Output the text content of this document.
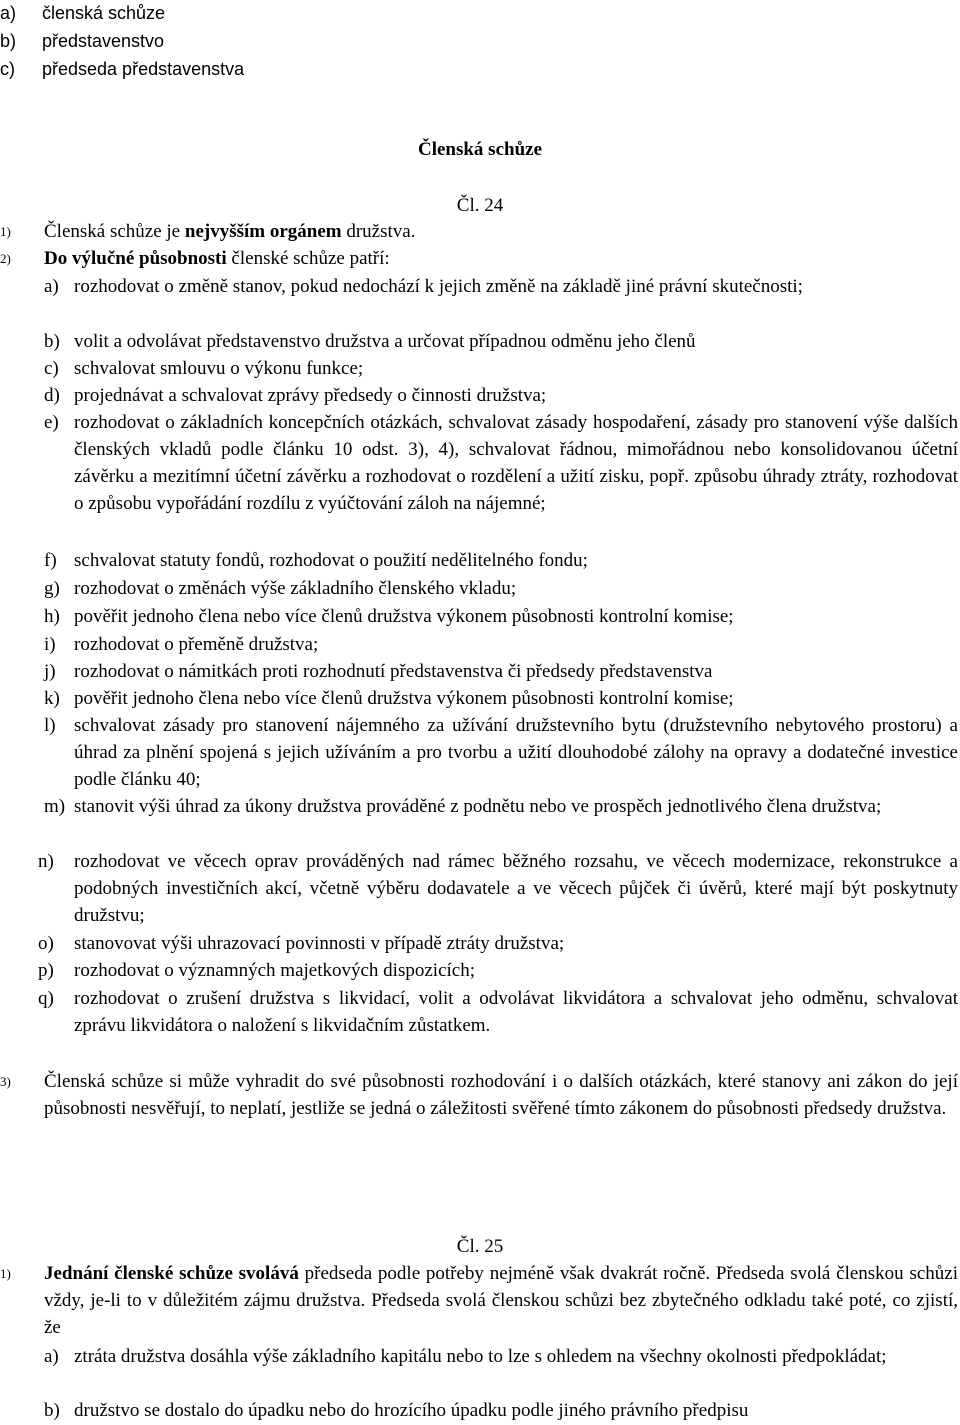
a) členská schůze
b) představenstvo
c) předseda představenstva
Členská schůze
Čl. 24
1) Členská schůze je nejvyšším orgánem družstva.
2) Do výlučné působnosti členské schůze patří:
a) rozhodovat o změně stanov, pokud nedochází k jejich změně na základě jiné právní skutečnosti;
b) volit a odvolávat představenstvo družstva a určovat případnou odměnu jeho členů
c) schvalovat smlouvu o výkonu funkce;
d) projednávat a schvalovat zprávy předsedy o činnosti družstva;
e) rozhodovat o základních koncepčních otázkách, schvalovat zásady hospodaření, zásady pro stanovení výše dalších členských vkladů podle článku 10 odst. 3), 4), schvalovat řádnou, mimořádnou nebo konsolidovanou účetní závěrku a mezitímní účetní závěrku a rozhodovat o rozdělení a užití zisku, popř. způsobu úhrady ztráty, rozhodovat o způsobu vypořádání rozdílu z vyúčtování záloh na nájemné;
f) schvalovat statuty fondů, rozhodovat o použití nedělitelného fondu;
g) rozhodovat o změnách výše základního členského vkladu;
h) pověřit jednoho člena nebo více členů družstva výkonem působnosti kontrolní komise;
i) rozhodovat o přeměně družstva;
j) rozhodovat o námitkách proti rozhodnutí představenstva či předsedy představenstva
k) pověřit jednoho člena nebo více členů družstva výkonem působnosti kontrolní komise;
l) schvalovat zásady pro stanovení nájemného za užívání družstevního bytu (družstevního nebytového prostoru) a úhrad za plnění spojená s jejich užíváním a pro tvorbu a užití dlouhodobé zálohy na opravy a dodatečné investice podle článku 40;
m) stanovit výši úhrad za úkony družstva prováděné z podnětu nebo ve prospěch jednotlivého člena družstva;
n) rozhodovat ve věcech oprav prováděných nad rámec běžného rozsahu, ve věcech modernizace, rekonstrukce a podobných investičních akcí, včetně výběru dodavatele a ve věcech půjček či úvěrů, které mají být poskytnuty družstvu;
o) stanovovat výši uhrazovací povinnosti v případě ztráty družstva;
p) rozhodovat o významných majetkových dispozicích;
q) rozhodovat o zrušení družstva s likvidací, volit a odvolávat likvidátora a schvalovat jeho odměnu, schvalovat zprávu likvidátora o naložení s likvidačním zůstatkem.
3) Členská schůze si může vyhradit do své působnosti rozhodování i o dalších otázkách, které stanovy ani zákon do její působnosti nesvěřují, to neplatí, jestliže se jedná o záležitosti svěřené tímto zákonem do působnosti předsedy družstva.
Čl. 25
1) Jednání členské schůze svolává předseda podle potřeby nejméně však dvakrát ročně. Předseda svolá členskou schůzi vždy, je-li to v důležitém zájmu družstva. Předseda svolá členskou schůzi bez zbytečného odkladu také poté, co zjistí, že
a) ztráta družstva dosáhla výše základního kapitálu nebo to lze s ohledem na všechny okolnosti předpokládat;
b) družstvo se dostalo do úpadku nebo do hrozícího úpadku podle jiného právního předpisu
